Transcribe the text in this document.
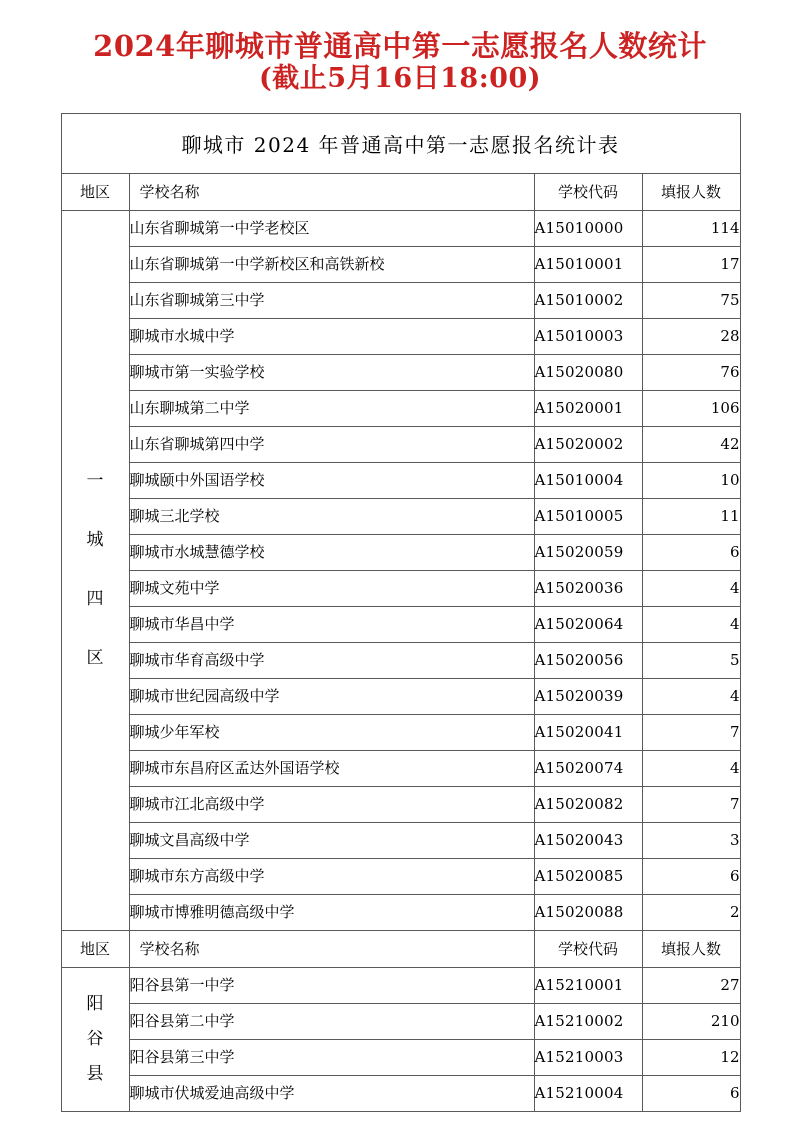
2024年聊城市普通高中第一志愿报名人数统计
(截止5月16日18:00)
聊城市 2024 年普通高中第一志愿报名统计表			
地区	学校名称	学校代码	填报人数

一
城
四
区	山东省聊城第一中学老校区	A15010000	114
	山东省聊城第一中学新校区和高铁新校	A15010001	17
	山东省聊城第三中学	A15010002	75
	聊城市水城中学	A15010003	28
	聊城市第一实验学校	A15020080	76
	山东聊城第二中学	A15020001	106
	山东省聊城第四中学	A15020002	42
	聊城颐中外国语学校	A15010004	10
	聊城三北学校	A15010005	11
	聊城市水城慧德学校	A15020059	6
	聊城文苑中学	A15020036	4
	聊城市华昌中学	A15020064	4
	聊城市华育高级中学	A15020056	5
	聊城市世纪园高级中学	A15020039	4
	聊城少年军校	A15020041	7
	聊城市东昌府区孟达外国语学校	A15020074	4
	聊城市江北高级中学	A15020082	7
	聊城文昌高级中学	A15020043	3
	聊城市东方高级中学	A15020085	6
	聊城市博雅明德高级中学	A15020088	2
地区	学校名称	学校代码	填报人数

阳
谷
县	阳谷县第一中学	A15210001	27
	阳谷县第二中学	A15210002	210
	阳谷县第三中学	A15210003	12
	聊城市伏城爱迪高级中学	A15210004	6
